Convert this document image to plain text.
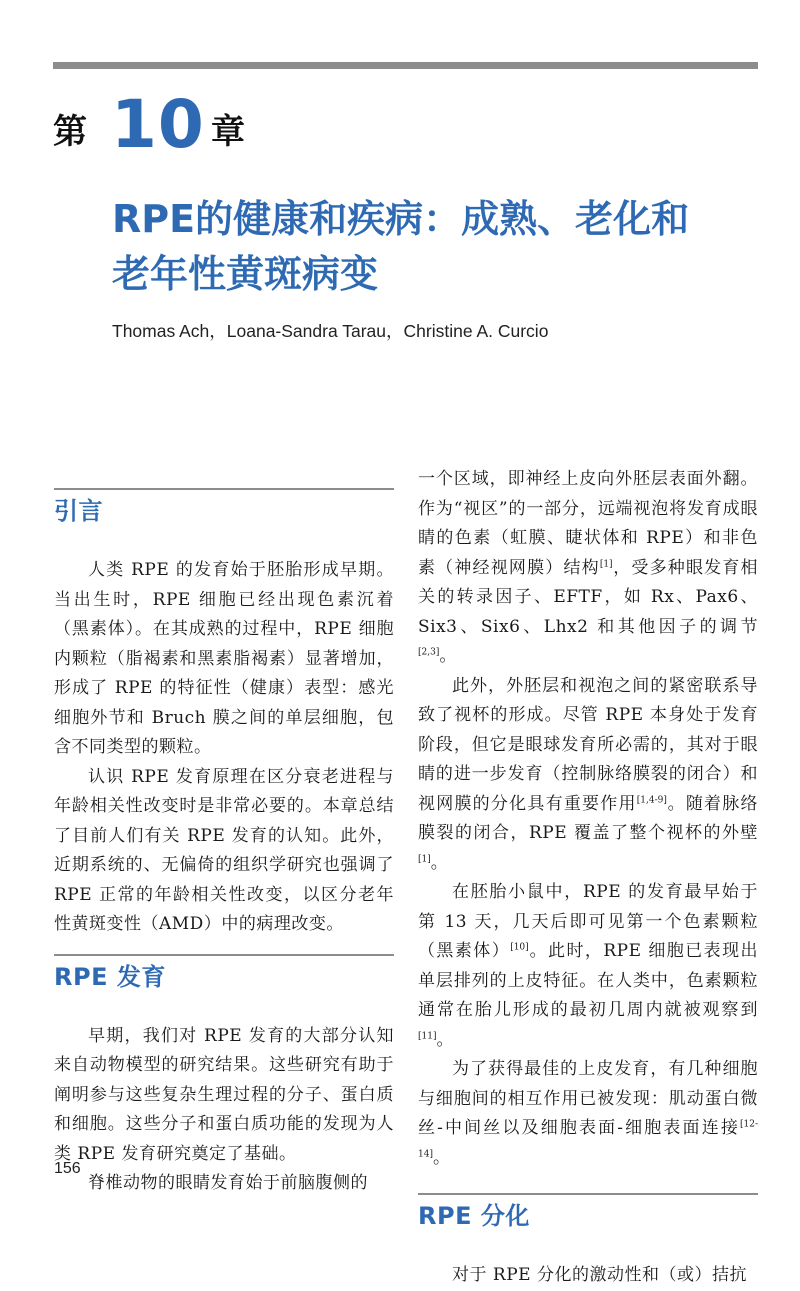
第 10 章
RPE的健康和疾病：成熟、老化和
老年性黄斑病变
Thomas Ach，Loana-Sandra Tarau，Christine A. Curcio
引言

人类 RPE 的发育始于胚胎形成早期。当出生时，RPE 细胞已经出现色素沉着（黑素体）。在其成熟的过程中，RPE 细胞内颗粒（脂褐素和黑素脂褐素）显著增加，形成了 RPE 的特征性（健康）表型：感光细胞外节和 Bruch 膜之间的单层细胞，包含不同类型的颗粒。

认识 RPE 发育原理在区分衰老进程与年龄相关性改变时是非常必要的。本章总结了目前人们有关 RPE 发育的认知。此外，近期系统的、无偏倚的组织学研究也强调了 RPE 正常的年龄相关性改变，以区分老年性黄斑变性（AMD）中的病理改变。

RPE 发育

早期，我们对 RPE 发育的大部分认知来自动物模型的研究结果。这些研究有助于阐明参与这些复杂生理过程的分子、蛋白质和细胞。这些分子和蛋白质功能的发现为人类 RPE 发育研究奠定了基础。

脊椎动物的眼睛发育始于前脑腹侧的

一个区域，即神经上皮向外胚层表面外翻。作为“视区”的一部分，远端视泡将发育成眼睛的色素（虹膜、睫状体和 RPE）和非色素（神经视网膜）结构[1]，受多种眼发育相关的转录因子、EFTF，如 Rx、Pax6、Six3、Six6、Lhx2 和其他因子的调节[2,3]。

此外，外胚层和视泡之间的紧密联系导致了视杯的形成。尽管 RPE 本身处于发育阶段，但它是眼球发育所必需的，其对于眼睛的进一步发育（控制脉络膜裂的闭合）和视网膜的分化具有重要作用[1,4-9]。随着脉络膜裂的闭合，RPE 覆盖了整个视杯的外壁[1]。

在胚胎小鼠中，RPE 的发育最早始于第 13 天，几天后即可见第一个色素颗粒（黑素体）[10]。此时，RPE 细胞已表现出单层排列的上皮特征。在人类中，色素颗粒通常在胎儿形成的最初几周内就被观察到[11]。

为了获得最佳的上皮发育，有几种细胞与细胞间的相互作用已被发现：肌动蛋白微丝-中间丝以及细胞表面-细胞表面连接[12-14]。

RPE 分化

对于 RPE 分化的激动性和（或）拮抗

156
